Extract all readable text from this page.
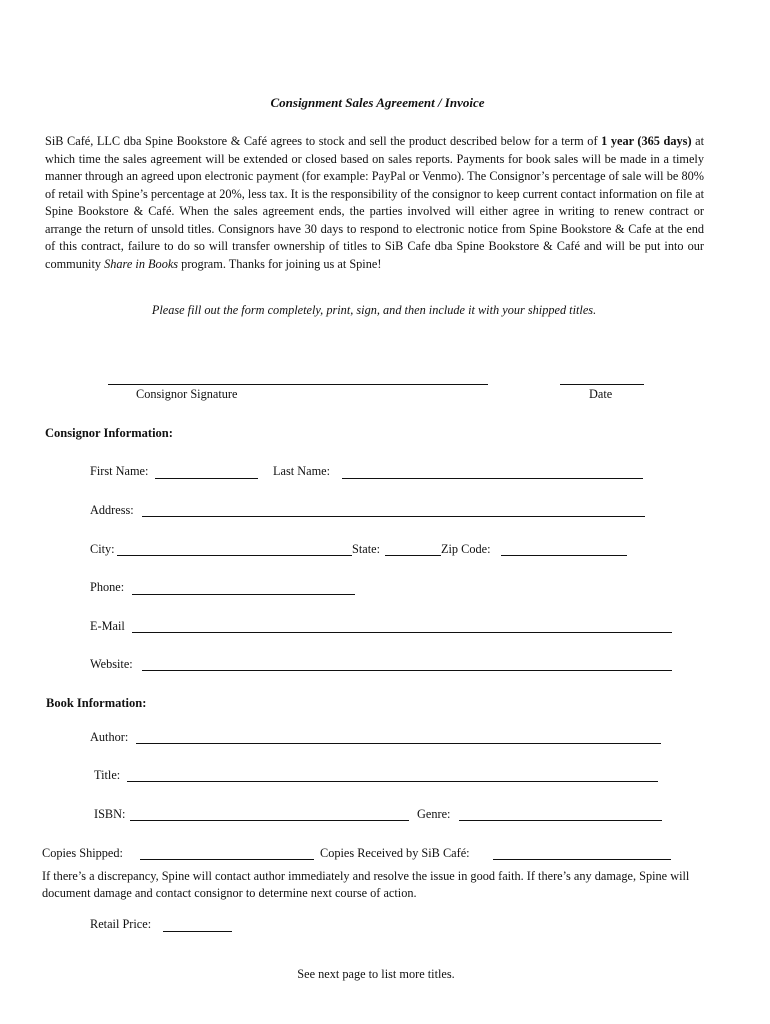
Consignment Sales Agreement / Invoice
SiB Café, LLC dba Spine Bookstore & Café agrees to stock and sell the product described below for a term of 1 year (365 days) at which time the sales agreement will be extended or closed based on sales reports. Payments for book sales will be made in a timely manner through an agreed upon electronic payment (for example: PayPal or Venmo). The Consignor’s percentage of sale will be 80% of retail with Spine’s percentage at 20%, less tax. It is the responsibility of the consignor to keep current contact information on file at Spine Bookstore & Café. When the sales agreement ends, the parties involved will either agree in writing to renew contract or arrange the return of unsold titles. Consignors have 30 days to respond to electronic notice from Spine Bookstore & Cafe at the end of this contract, failure to do so will transfer ownership of titles to SiB Cafe dba Spine Bookstore & Café and will be put into our community Share in Books program. Thanks for joining us at Spine!
Please fill out the form completely, print, sign, and then include it with your shipped titles.
Consignor Signature	Date
Consignor Information:
First Name:	Last Name:
Address:
City:	State:	Zip Code:
Phone:
E-Mail
Website:
Book Information:
Author:
Title:
ISBN:	Genre:
Copies Shipped:	Copies Received by SiB Café:
If there’s a discrepancy, Spine will contact author immediately and resolve the issue in good faith. If there’s any damage, Spine will document damage and contact consignor to determine next course of action.
Retail Price:
See next page to list more titles.
